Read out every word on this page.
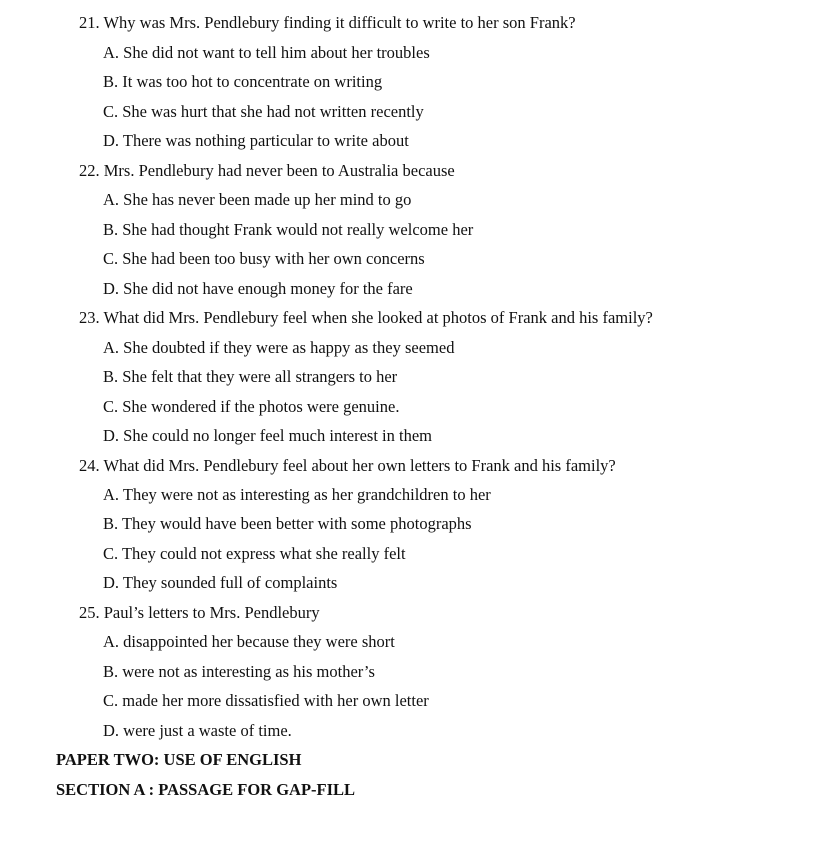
21. Why was Mrs. Pendlebury finding it difficult to write to her son Frank?
A. She did not want to tell him about her troubles
B. It was too hot to concentrate on writing
C. She was hurt that she had not written recently
D. There was nothing particular to write about
22. Mrs. Pendlebury had never been to Australia because
A. She has never been made up her mind to go
B. She had thought Frank would not really welcome her
C. She had been too busy with her own concerns
D. She did not have enough money for the fare
23. What did Mrs. Pendlebury feel when she looked at photos of Frank and his family?
A. She doubted if they were as happy as they seemed
B. She felt that they were all strangers to her
C. She wondered if the photos were genuine.
D. She could no longer feel much interest in them
24. What did Mrs. Pendlebury feel about her own letters to Frank and his family?
A. They were not as interesting as her grandchildren to her
B. They would have been better with some photographs
C. They could not express what she really felt
D. They sounded full of complaints
25. Paul’s letters to Mrs. Pendlebury
A. disappointed her because they were short
B. were not as interesting as his mother’s
C. made her more dissatisfied with her own letter
D. were just a waste of time.
PAPER TWO: USE OF ENGLISH
SECTION A : PASSAGE FOR GAP-FILL
